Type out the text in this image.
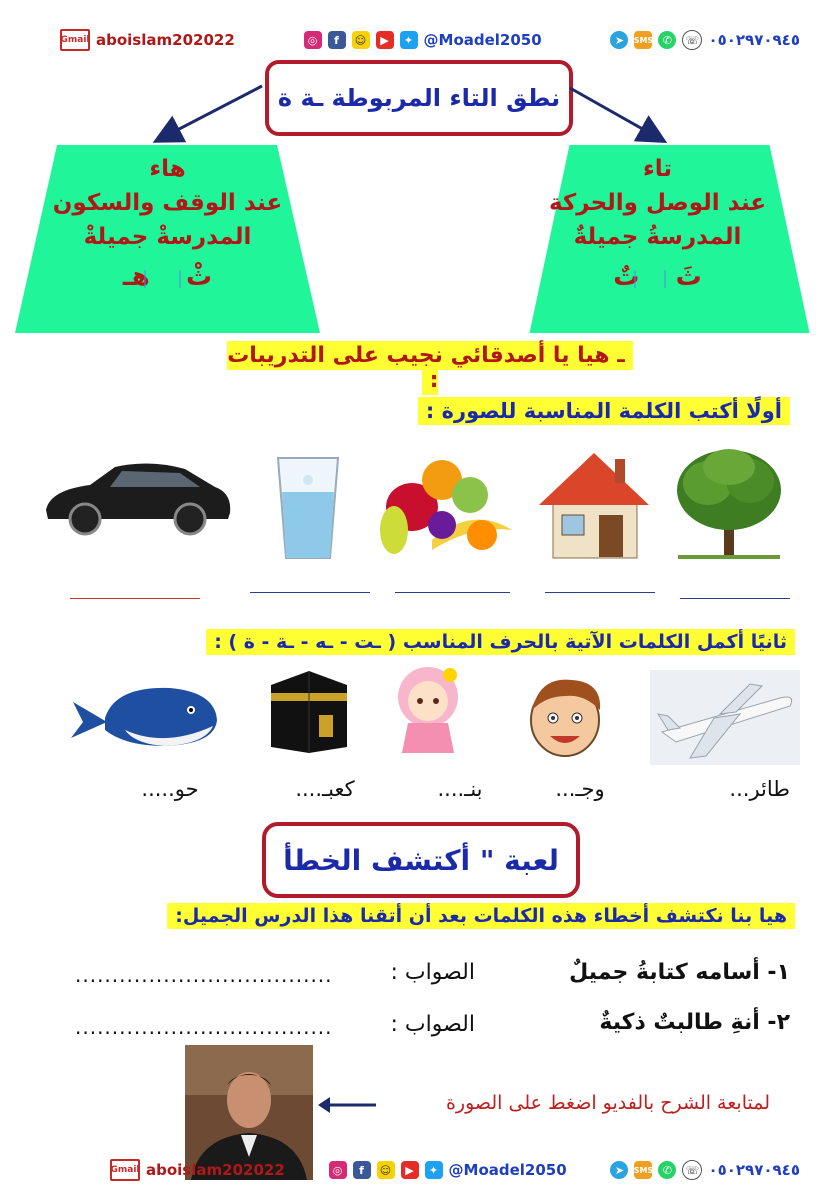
Gmail aboislam202022	◎	f	☺	▶	✦ @Moadel2050	➤	SMS ✆	☏ ٠٥٠٢٩٧٠٩٤٥
نطق التاء المربوطة ـة ة
هاء
عند الوقف والسكون
المدرسةْ جميلةْ
ثْ    هـ
تاء
عند الوصل والحركة
المدرسةُ جميلةٌ
ثَ    تٌ
ـ هيا يا أصدقائي نجيب على التدريبات :
أولًا أكتب الكلمة المناسبة للصورة :
ثانيًا أكمل الكلمات الآتية بالحرف المناسب ( ـت - ـه - ـة - ة ) :
طائر...
وجـ...
بنـ....
كعبـ....
حو.....
لعبة " أكتشف الخطأ
هيا بنا نكتشف أخطاء هذه الكلمات بعد أن أتقنا هذا الدرس الجميل:
١- أسامه كتابةُ جميلٌ
الصواب :
...................................
٢- أنةِ طالبتٌ ذكيةٌ
الصواب :
...................................
لمتابعة الشرح بالفديو اضغط على الصورة
Gmail aboislam202022	◎	f	☺	▶	✦ @Moadel2050	➤	SMS ✆	☏ ٠٥٠٢٩٧٠٩٤٥
